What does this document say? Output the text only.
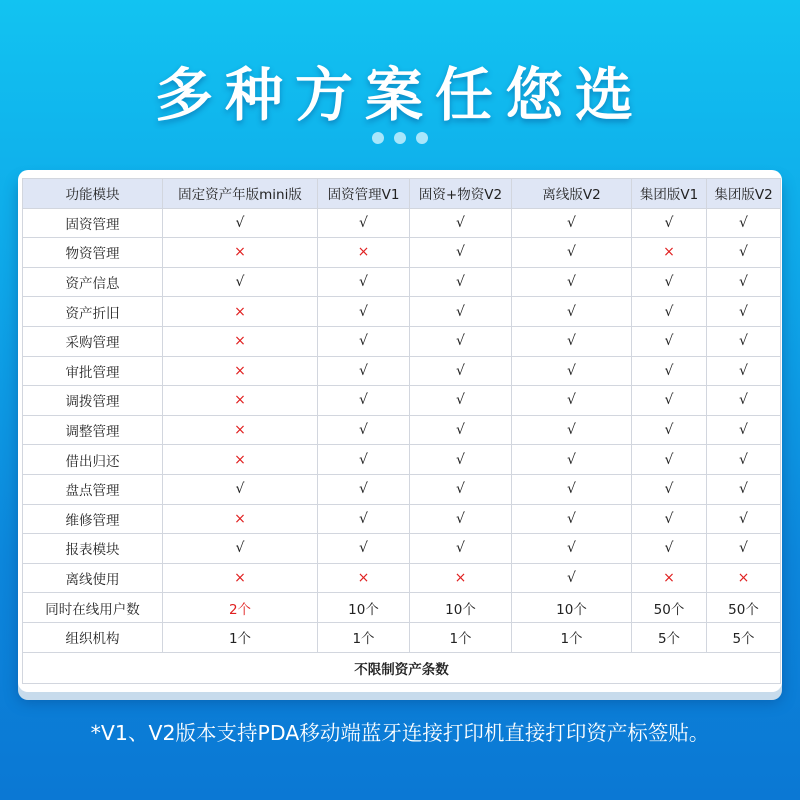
多种方案任您选
功能模块	固定资产年版mini版	固资管理V1	固资+物资V2	离线版V2	集团版V1	集团版V2
固资管理	√	√	√	√	√	√
物资管理	×	×	√	√	×	√
资产信息	√	√	√	√	√	√
资产折旧	×	√	√	√	√	√
采购管理	×	√	√	√	√	√
审批管理	×	√	√	√	√	√
调拨管理	×	√	√	√	√	√
调整管理	×	√	√	√	√	√
借出归还	×	√	√	√	√	√
盘点管理	√	√	√	√	√	√
维修管理	×	√	√	√	√	√
报表模块	√	√	√	√	√	√
离线使用	×	×	×	√	×	×
同时在线用户数	2个	10个	10个	10个	50个	50个
组织机构	1个	1个	1个	1个	5个	5个
不限制资产条数						
*V1、V2版本支持PDA移动端蓝牙连接打印机直接打印资产标签贴。
